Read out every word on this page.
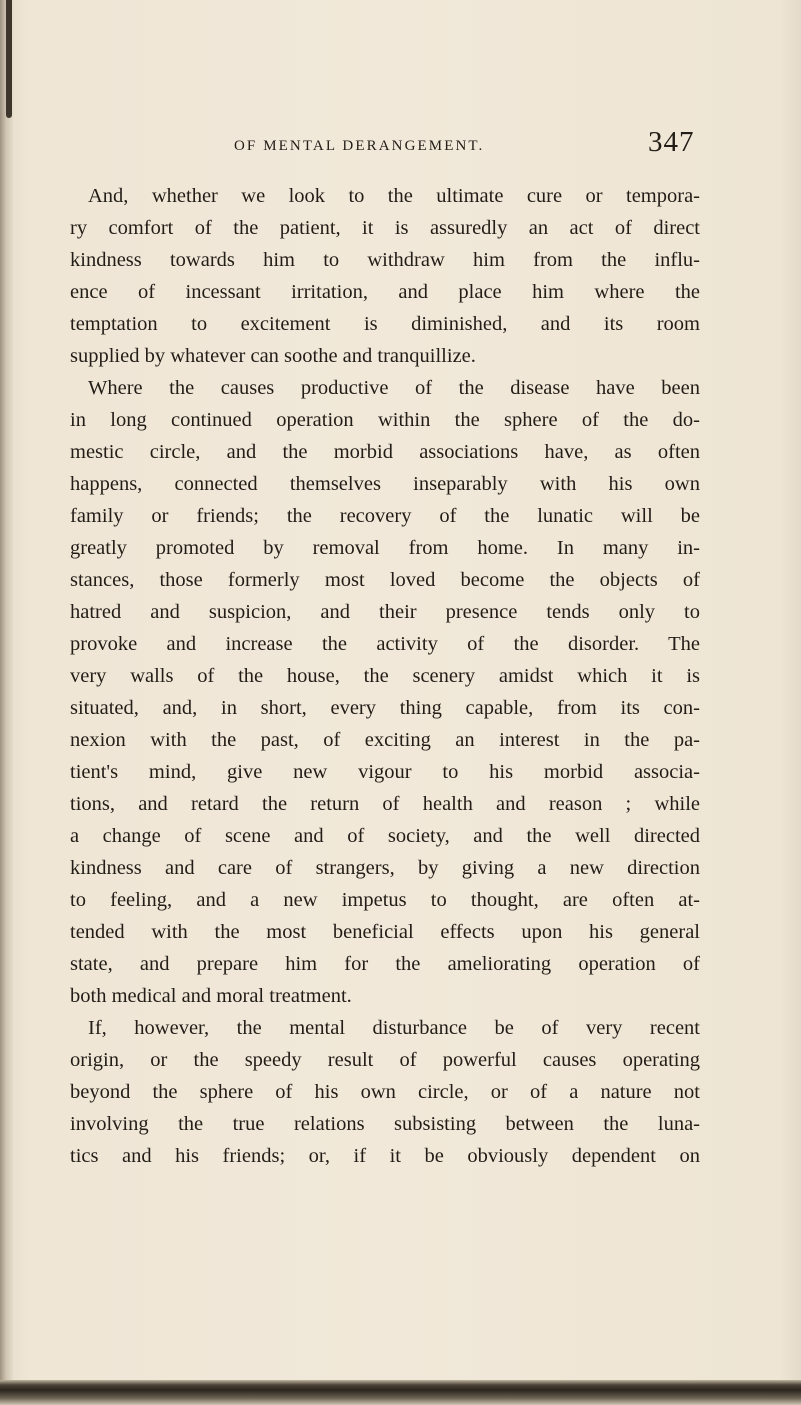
OF MENTAL DERANGEMENT.	347
And, whether we look to the ultimate cure or tempora-
ry comfort of the patient, it is assuredly an act of direct
kindness towards him to withdraw him from the influ-
ence of incessant irritation, and place him where the
temptation to excitement is diminished, and its room
supplied by whatever can soothe and tranquillize.
Where the causes productive of the disease have been
in long continued operation within the sphere of the do-
mestic circle, and the morbid associations have, as often
happens, connected themselves inseparably with his own
family or friends; the recovery of the lunatic will be
greatly promoted by removal from home. In many in-
stances, those formerly most loved become the objects of
hatred and suspicion, and their presence tends only to
provoke and increase the activity of the disorder. The
very walls of the house, the scenery amidst which it is
situated, and, in short, every thing capable, from its con-
nexion with the past, of exciting an interest in the pa-
tient's mind, give new vigour to his morbid associa-
tions, and retard the return of health and reason ; while
a change of scene and of society, and the well directed
kindness and care of strangers, by giving a new direction
to feeling, and a new impetus to thought, are often at-
tended with the most beneficial effects upon his general
state, and prepare him for the ameliorating operation of
both medical and moral treatment.
If, however, the mental disturbance be of very recent
origin, or the speedy result of powerful causes operating
beyond the sphere of his own circle, or of a nature not
involving the true relations subsisting between the luna-
tics and his friends; or, if it be obviously dependent on
